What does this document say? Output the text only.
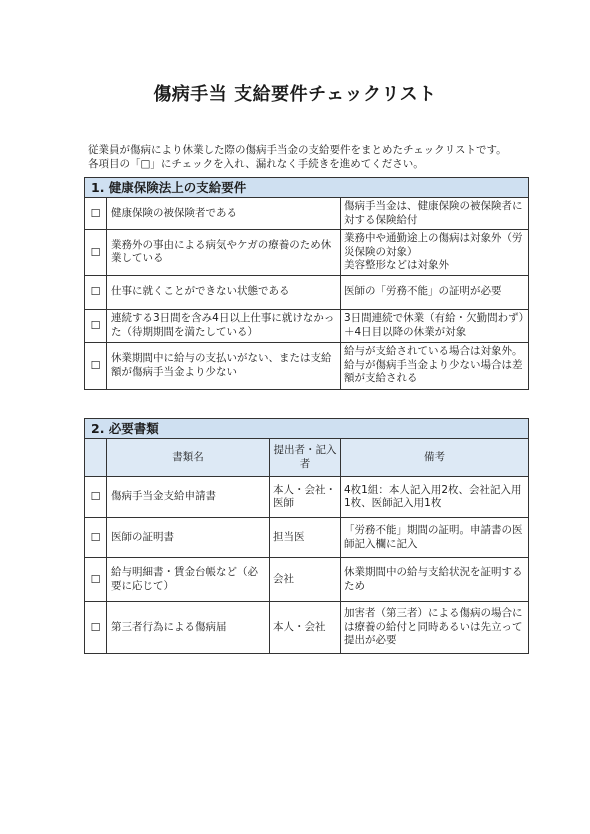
傷病手当 支給要件チェックリスト
従業員が傷病により休業した際の傷病手当金の支給要件をまとめたチェックリストです。
各項目の「□」にチェックを入れ、漏れなく手続きを進めてください。
1. 健康保険法上の支給要件		
☐	健康保険の被保険者である	傷病手当金は、健康保険の被保険者に対する保険給付
☐	業務外の事由による病気やケガの療養のため休業している	業務中や通勤途上の傷病は対象外（労災保険の対象）
美容整形などは対象外
☐	仕事に就くことができない状態である	医師の「労務不能」の証明が必要
☐	連続する3日間を含み4日以上仕事に就けなかった（待期期間を満たしている）	3日間連続で休業（有給・欠勤問わず）＋4日目以降の休業が対象
☐	休業期間中に給与の支払いがない、または支給額が傷病手当金より少ない	給与が支給されている場合は対象外。給与が傷病手当金より少ない場合は差額が支給される
2. 必要書類			
	書類名	提出者・記入者	備考
☐	傷病手当金支給申請書	本人・会社・医師	4枚1組：本人記入用2枚、会社記入用1枚、医師記入用1枚
☐	医師の証明書	担当医	「労務不能」期間の証明。申請書の医師記入欄に記入
☐	給与明細書・賃金台帳など（必要に応じて）	会社	休業期間中の給与支給状況を証明するため
☐	第三者行為による傷病届	本人・会社	加害者（第三者）による傷病の場合には療養の給付と同時あるいは先立って提出が必要
